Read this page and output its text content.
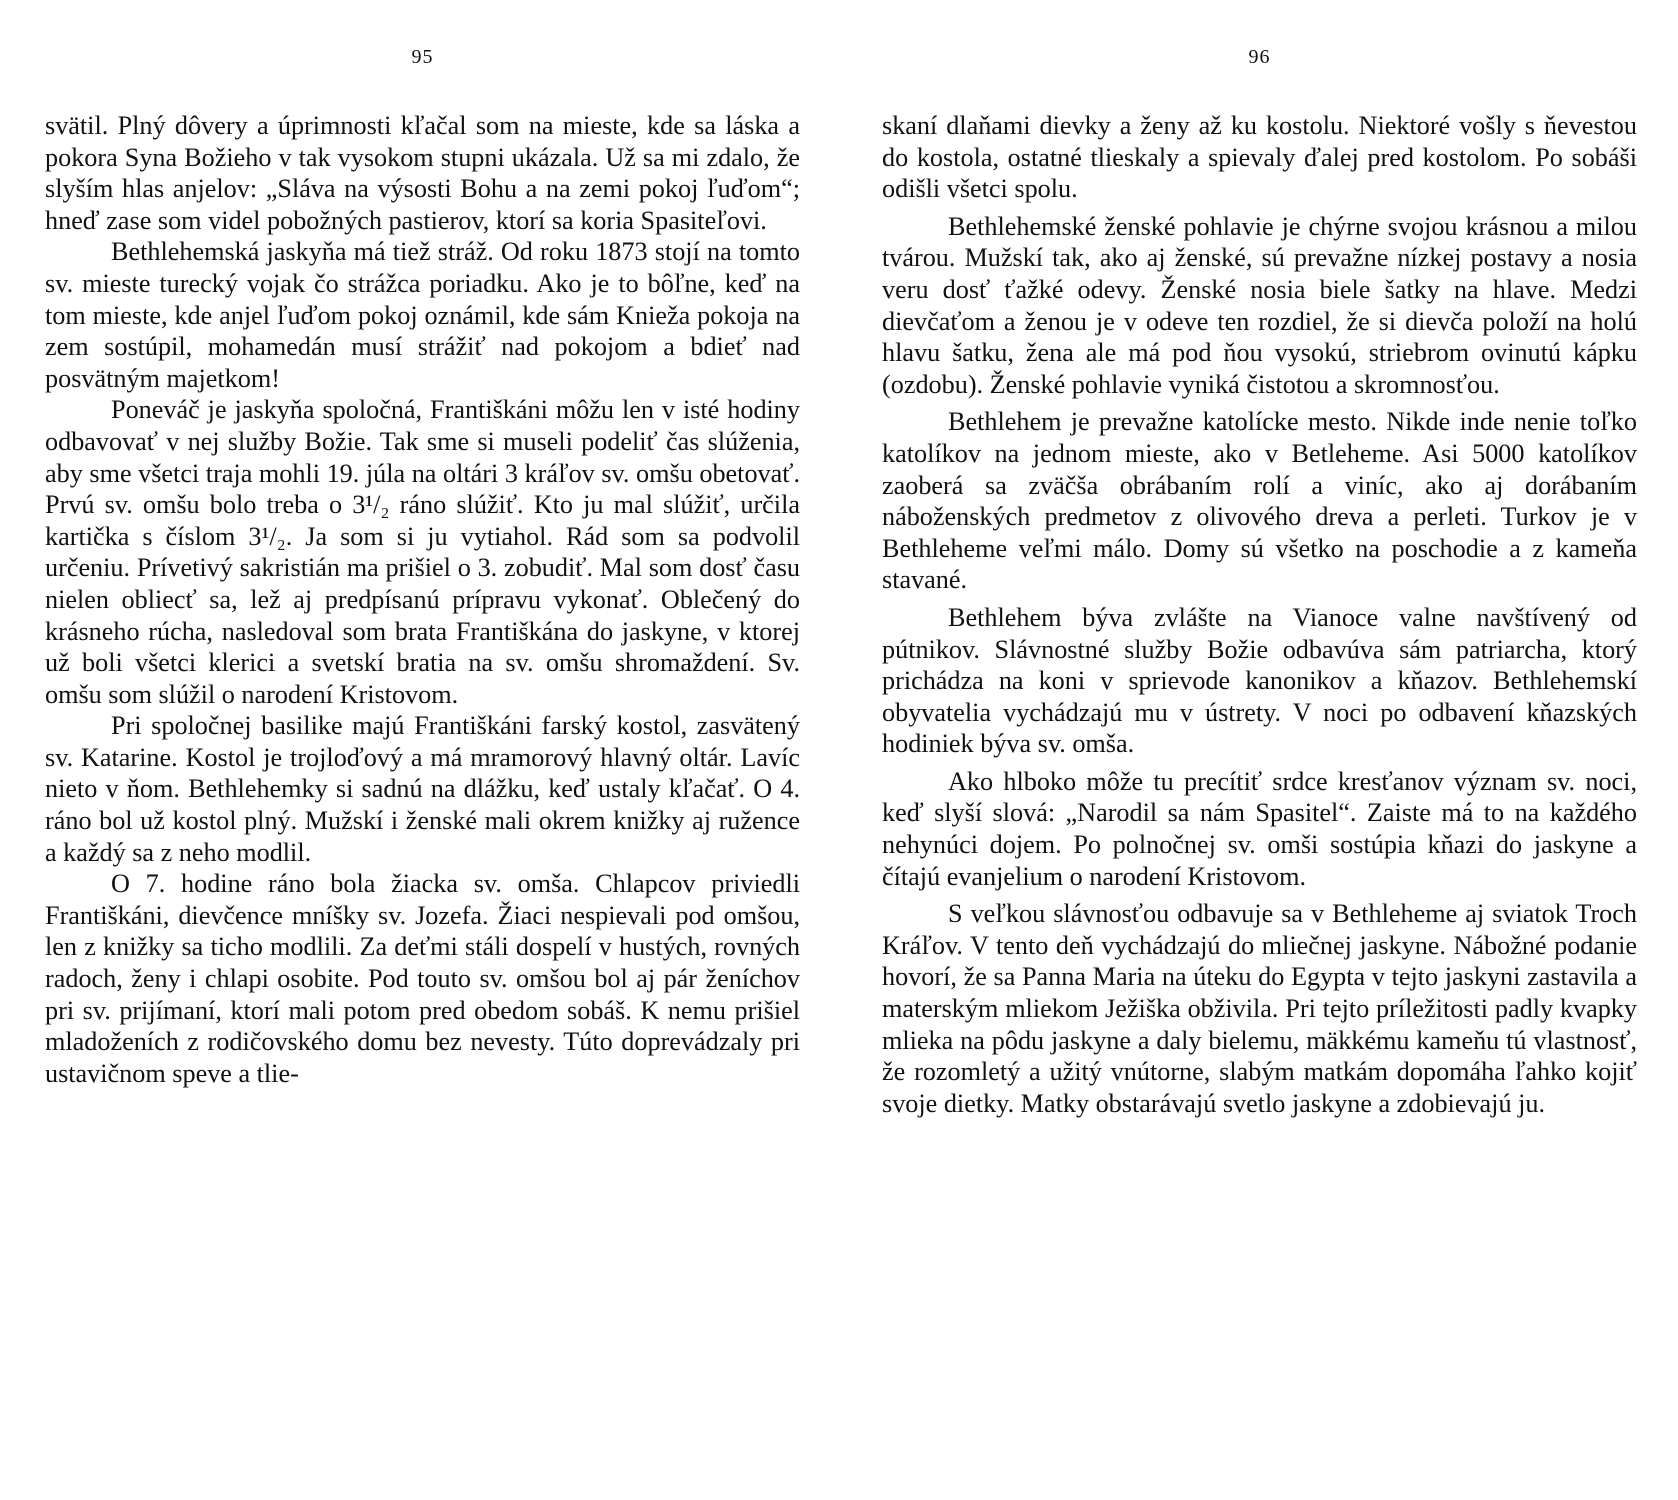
95

svätil. Plný dôvery a úprimnosti kľačal som na mieste, kde sa láska a pokora Syna Božieho v tak vysokom stupni ukázala. Už sa mi zdalo, že slyším hlas anjelov: „Sláva na výsosti Bohu a na zemi pokoj ľuďom“; hneď zase som videl pobožných pastierov, ktorí sa koria Spasiteľovi.

Bethlehemská jaskyňa má tiež stráž. Od roku 1873 stojí na tomto sv. mieste turecký vojak čo strážca poriadku. Ako je to bôľne, keď na tom mieste, kde anjel ľuďom pokoj oznámil, kde sám Knieža pokoja na zem sostúpil, mohamedán musí strážiť nad pokojom a bdieť nad posvätným majetkom!

Poneváč je jaskyňa spoločná, Františkáni môžu len v isté hodiny odbavovať v nej služby Božie. Tak sme si museli podeliť čas slúženia, aby sme všetci traja mohli 19. júla na oltári 3 kráľov sv. omšu obetovať. Prvú sv. omšu bolo treba o 3¹/₂ ráno slúžiť. Kto ju mal slúžiť, určila kartička s číslom 3¹/₂. Ja som si ju vytiahol. Rád som sa podvolil určeniu. Prívetivý sakristián ma prišiel o 3. zobudiť. Mal som dosť času nielen obliecť sa, lež aj predpísanú prípravu vykonať. Oblečený do krásneho rúcha, nasledoval som brata Františkána do jaskyne, v ktorej už boli všetci klerici a svetskí bratia na sv. omšu shromaždení. Sv. omšu som slúžil o narodení Kristovom.

Pri spoločnej basilike majú Františkáni farský kostol, zasvätený sv. Katarine. Kostol je trojloďový a má mramorový hlavný oltár. Lavíc nieto v ňom. Bethlehemky si sadnú na dlážku, keď ustaly kľačať. O 4. ráno bol už kostol plný. Mužskí i ženské mali okrem knižky aj ružence a každý sa z neho modlil.

O 7. hodine ráno bola žiacka sv. omša. Chlapcov priviedli Františkáni, dievčence mníšky sv. Jozefa. Žiaci nespievali pod omšou, len z knižky sa ticho modlili. Za deťmi stáli dospelí v hustých, rovných radoch, ženy i chlapi osobite. Pod touto sv. omšou bol aj pár ženíchov pri sv. prijímaní, ktorí mali potom pred obedom sobáš. K nemu prišiel mladoženích z rodičovského domu bez nevesty. Túto doprevádzaly pri ustavičnom speve a tlie-

96

skaní dlaňami dievky a ženy až ku kostolu. Niektoré vošly s ňevestou do kostola, ostatné tlieskaly a spievaly ďalej pred kostolom. Po sobáši odišli všetci spolu.

Bethlehemské ženské pohlavie je chýrne svojou krásnou a milou tvárou. Mužskí tak, ako aj ženské, sú prevažne nízkej postavy a nosia veru dosť ťažké odevy. Ženské nosia biele šatky na hlave. Medzi dievčaťom a ženou je v odeve ten rozdiel, že si dievča položí na holú hlavu šatku, žena ale má pod ňou vysokú, striebrom ovinutú kápku (ozdobu). Ženské pohlavie vyniká čistotou a skromnosťou.

Bethlehem je prevažne katolícke mesto. Nikde inde nenie toľko katolíkov na jednom mieste, ako v Betleheme. Asi 5000 katolíkov zaoberá sa zväčša obrábaním rolí a viníc, ako aj dorábaním náboženských predmetov z olivového dreva a perleti. Turkov je v Bethleheme veľmi málo. Domy sú všetko na poschodie a z kameňa stavané.

Bethlehem býva zvlášte na Vianoce valne navštívený od pútnikov. Slávnostné služby Božie odbavúva sám patriarcha, ktorý prichádza na koni v sprievode kanonikov a kňazov. Bethlehemskí obyvatelia vychádzajú mu v ústrety. V noci po odbavení kňazských hodiniek býva sv. omša.

Ako hlboko môže tu precítiť srdce kresťanov význam sv. noci, keď slyší slová: „Narodil sa nám Spasitel“. Zaiste má to na každého nehynúci dojem. Po polnočnej sv. omši sostúpia kňazi do jaskyne a čítajú evanjelium o narodení Kristovom.

S veľkou slávnosťou odbavuje sa v Bethleheme aj sviatok Troch Kráľov. V tento deň vychádzajú do mliečnej jaskyne. Nábožné podanie hovorí, že sa Panna Maria na úteku do Egypta v tejto jaskyni zastavila a materským mliekom Ježiška obživila. Pri tejto príležitosti padly kvapky mlieka na pôdu jaskyne a daly bielemu, mäkkému kameňu tú vlastnosť, že rozomletý a užitý vnútorne, slabým matkám dopomáha ľahko kojiť svoje dietky. Matky obstarávajú svetlo jaskyne a zdobievajú ju.
